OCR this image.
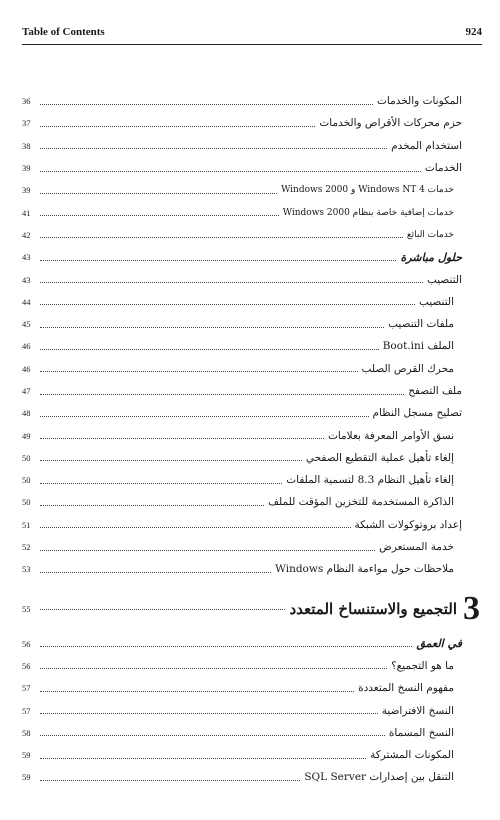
Table of Contents	924
36	المكونات والخدمات
37	حزم محركات الأقراص والخدمات
38	استخدام المخدم
39	الخدمات
39	خدمات Windows NT 4 و Windows 2000
41	خدمات إضافية خاصة بنظام Windows 2000
42	خدمات البائع
43	حلول مباشرة
43	التنصيب
44	التنصيب
45	ملفات التنصيب
46	الملف Boot.ini
46	محرك القرص الصلب
47	ملف التصفح
48	تصليح مسجل النظام
49	نسق الأوامر المعرفة بعلامات
50	إلغاء تأهيل عملية التقطيع الصفحي
50	إلغاء تأهيل النظام 8.3 لتسمية الملفات
50	الذاكرة المستخدمة للتخزين المؤقت للملف
51	إعداد بروتوكولات الشبكة
52	خدمة المستعرض
53	ملاحظات حول مواءمة النظام Windows
55	التجميع والاستنساخ المتعدد 3
56	في العمق
56	ما هو التجميع؟
57	مفهوم النسخ المتعددة
57	النسخ الافتراضية
58	النسخ المسماة
59	المكونات المشتركة
59	التنقل بين إصدارات SQL Server
